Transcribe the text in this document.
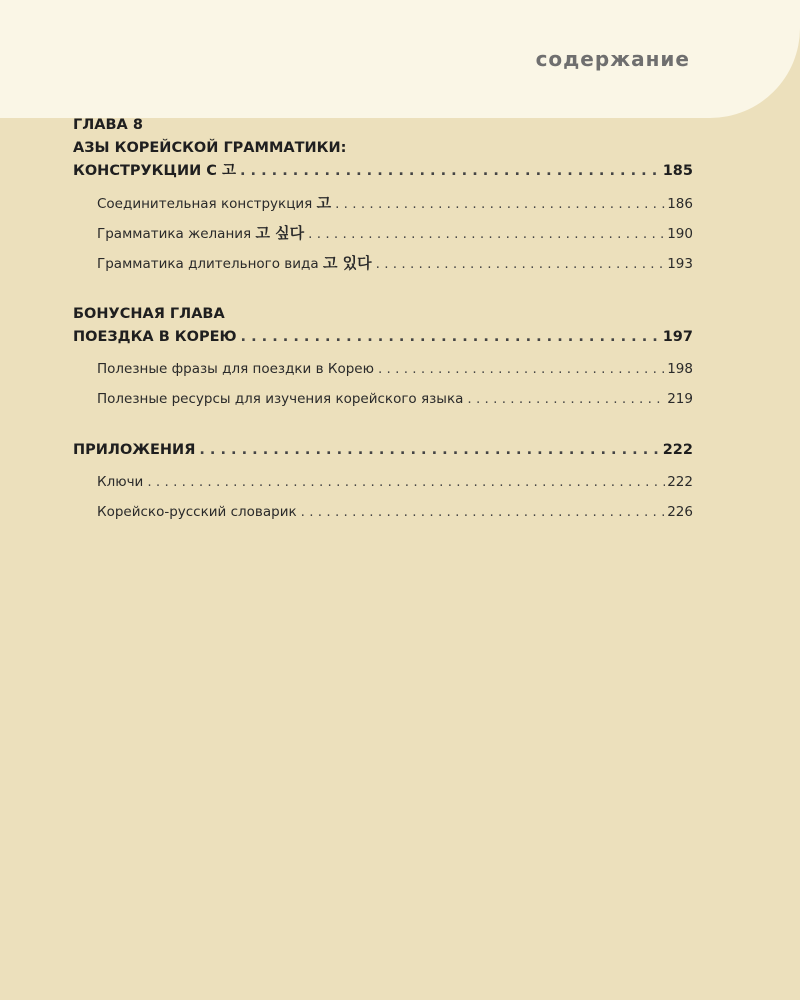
содержание

ГЛАВА 8

АЗЫ КОРЕЙСКОЙ ГРАММАТИКИ:

КОНСТРУКЦИИ С 고 . . .	185
Соединительная конструкция 고 . . .	186
Грамматика желания 고 싶다 . . .	190
Грамматика длительного вида 고 있다 . . .	193

БОНУСНАЯ ГЛАВА

ПОЕЗДКА В КОРЕЮ . . .	197
Полезные фразы для поездки в Корею . . .	198
Полезные ресурсы для изучения корейского языка . . .	219
ПРИЛОЖЕНИЯ . . .	222
Ключи . . .	222
Корейско-русский словарик . . .	226
